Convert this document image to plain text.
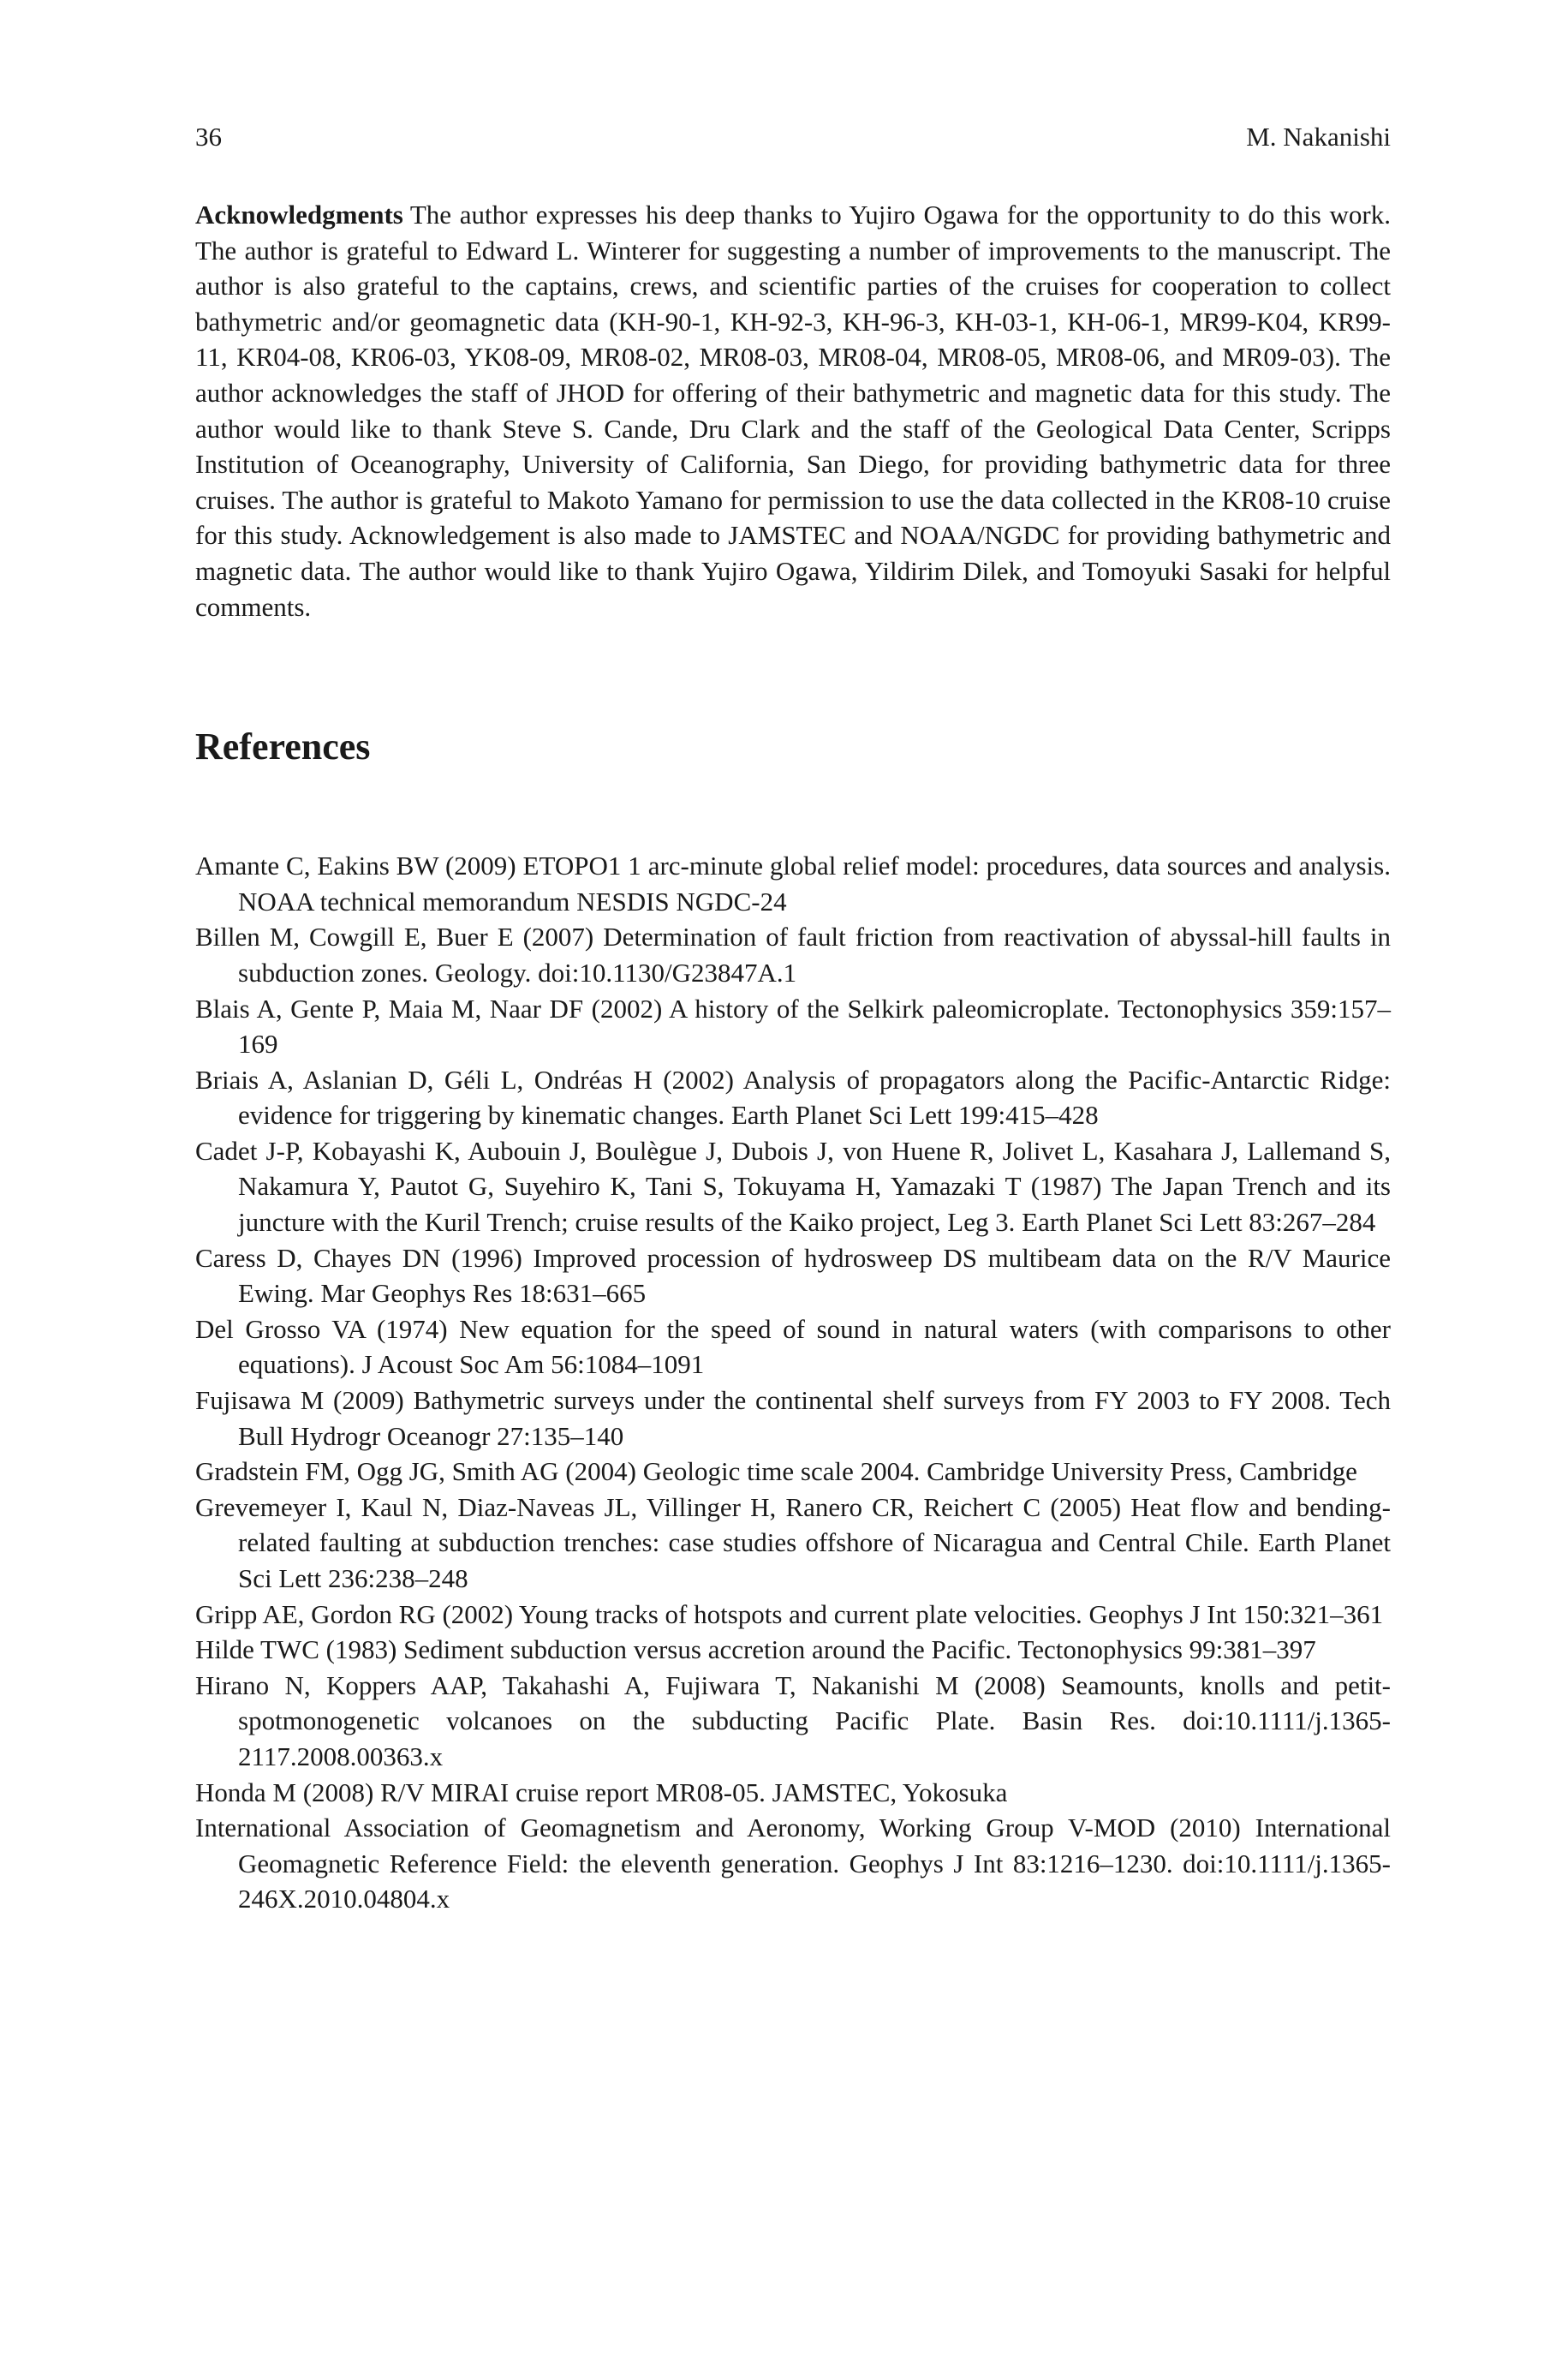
36	M. Nakanishi

Acknowledgments The author expresses his deep thanks to Yujiro Ogawa for the opportunity to do this work. The author is grateful to Edward L. Winterer for suggesting a number of improvements to the manuscript. The author is also grateful to the captains, crews, and scientific parties of the cruises for cooperation to collect bathymetric and/or geomagnetic data (KH-90-1, KH-92-3, KH-96-3, KH-03-1, KH-06-1, MR99-K04, KR99-11, KR04-08, KR06-03, YK08-09, MR08-02, MR08-03, MR08-04, MR08-05, MR08-06, and MR09-03). The author acknowledges the staff of JHOD for offering of their bathymetric and magnetic data for this study. The author would like to thank Steve S. Cande, Dru Clark and the staff of the Geological Data Center, Scripps Institution of Oceanography, University of California, San Diego, for providing bathymetric data for three cruises. The author is grateful to Makoto Yamano for permission to use the data collected in the KR08-10 cruise for this study. Acknowledgement is also made to JAMSTEC and NOAA/NGDC for providing bathymetric and magnetic data. The author would like to thank Yujiro Ogawa, Yildirim Dilek, and Tomoyuki Sasaki for helpful comments.

References

Amante C, Eakins BW (2009) ETOPO1 1 arc-minute global relief model: procedures, data sources and analysis. NOAA technical memorandum NESDIS NGDC-24

Billen M, Cowgill E, Buer E (2007) Determination of fault friction from reactivation of abyssal-hill faults in subduction zones. Geology. doi:10.1130/G23847A.1

Blais A, Gente P, Maia M, Naar DF (2002) A history of the Selkirk paleomicroplate. Tectonophysics 359:157–169

Briais A, Aslanian D, Géli L, Ondréas H (2002) Analysis of propagators along the Pacific-Antarctic Ridge: evidence for triggering by kinematic changes. Earth Planet Sci Lett 199:415–428

Cadet J-P, Kobayashi K, Aubouin J, Boulègue J, Dubois J, von Huene R, Jolivet L, Kasahara J, Lallemand S, Nakamura Y, Pautot G, Suyehiro K, Tani S, Tokuyama H, Yamazaki T (1987) The Japan Trench and its juncture with the Kuril Trench; cruise results of the Kaiko project, Leg 3. Earth Planet Sci Lett 83:267–284

Caress D, Chayes DN (1996) Improved procession of hydrosweep DS multibeam data on the R/V Maurice Ewing. Mar Geophys Res 18:631–665

Del Grosso VA (1974) New equation for the speed of sound in natural waters (with comparisons to other equations). J Acoust Soc Am 56:1084–1091

Fujisawa M (2009) Bathymetric surveys under the continental shelf surveys from FY 2003 to FY 2008. Tech Bull Hydrogr Oceanogr 27:135–140

Gradstein FM, Ogg JG, Smith AG (2004) Geologic time scale 2004. Cambridge University Press, Cambridge

Grevemeyer I, Kaul N, Diaz-Naveas JL, Villinger H, Ranero CR, Reichert C (2005) Heat flow and bending-related faulting at subduction trenches: case studies offshore of Nicaragua and Central Chile. Earth Planet Sci Lett 236:238–248

Gripp AE, Gordon RG (2002) Young tracks of hotspots and current plate velocities. Geophys J Int 150:321–361

Hilde TWC (1983) Sediment subduction versus accretion around the Pacific. Tectonophysics 99:381–397

Hirano N, Koppers AAP, Takahashi A, Fujiwara T, Nakanishi M (2008) Seamounts, knolls and petit-spotmonogenetic volcanoes on the subducting Pacific Plate. Basin Res. doi:10.1111/j.1365-2117.2008.00363.x

Honda M (2008) R/V MIRAI cruise report MR08-05. JAMSTEC, Yokosuka

International Association of Geomagnetism and Aeronomy, Working Group V-MOD (2010) International Geomagnetic Reference Field: the eleventh generation. Geophys J Int 83:1216–1230. doi:10.1111/j.1365-246X.2010.04804.x
